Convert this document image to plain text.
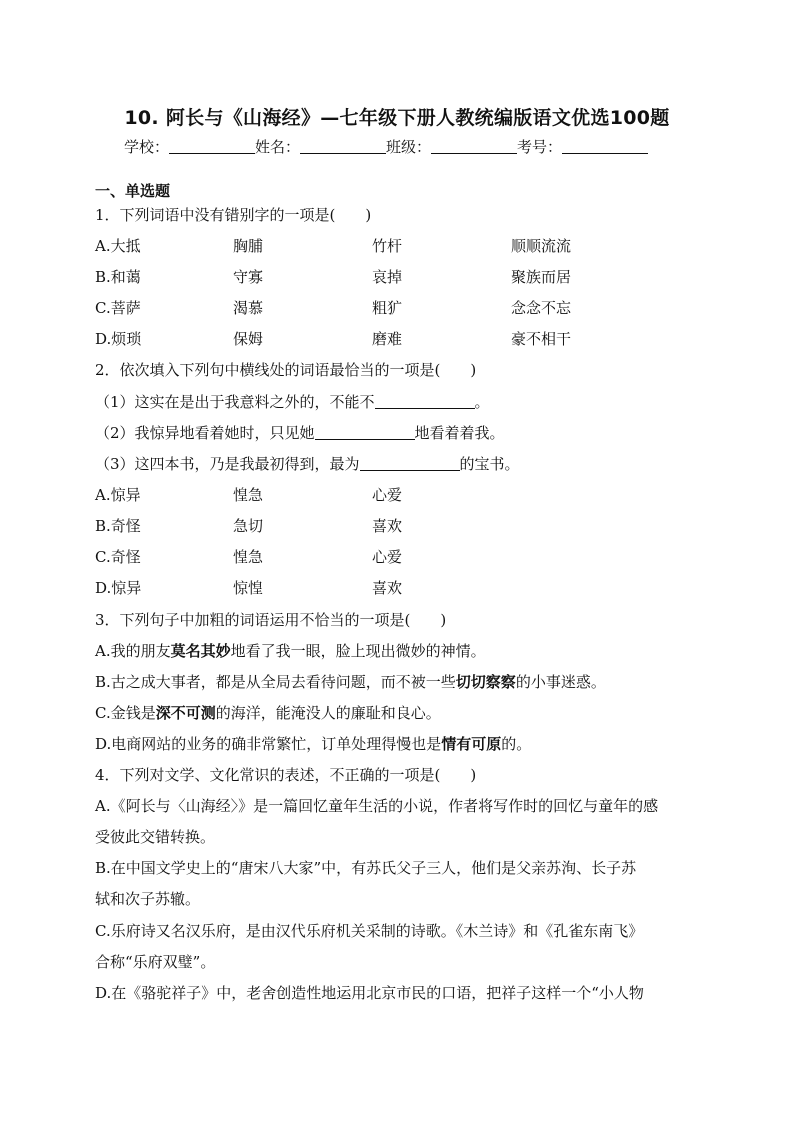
10. 阿长与《山海经》—七年级下册人教统编版语文优选100题
学校：	姓名：	班级：	考号：
一、单选题
1．下列词语中没有错别字的一项是(　　)
A.大抵	胸脯	竹杆	顺顺流流
B.和蔼	守寡	哀掉	聚族而居
C.菩萨	渴慕	粗犷	念念不忘
D.烦琐	保姆	磨难	豪不相干
2．依次填入下列句中横线处的词语最恰当的一项是(　　)
（1）这实在是出于我意料之外的，不能不	。
（2）我惊异地看着她时，只见她	地看着着我。
（3）这四本书，乃是我最初得到，最为	的宝书。
A.惊异	惶急	心爱
B.奇怪	急切	喜欢
C.奇怪	惶急	心爱
D.惊异	惊惶	喜欢
3．下列句子中加粗的词语运用不恰当的一项是(　　)
A.我的朋友莫名其妙地看了我一眼，脸上现出微妙的神情。
B.古之成大事者，都是从全局去看待问题，而不被一些切切察察的小事迷惑。
C.金钱是深不可测的海洋，能淹没人的廉耻和良心。
D.电商网站的业务的确非常繁忙，订单处理得慢也是情有可原的。
4．下列对文学、文化常识的表述，不正确的一项是(　　)
A.《阿长与〈山海经〉》是一篇回忆童年生活的小说，作者将写作时的回忆与童年的感
受彼此交错转换。
B.在中国文学史上的“唐宋八大家”中，有苏氏父子三人，他们是父亲苏洵、长子苏
轼和次子苏辙。
C.乐府诗又名汉乐府，是由汉代乐府机关采制的诗歌。《木兰诗》和《孔雀东南飞》
合称“乐府双璧”。
D.在《骆驼祥子》中，老舍创造性地运用北京市民的口语，把祥子这样一个“小人物
